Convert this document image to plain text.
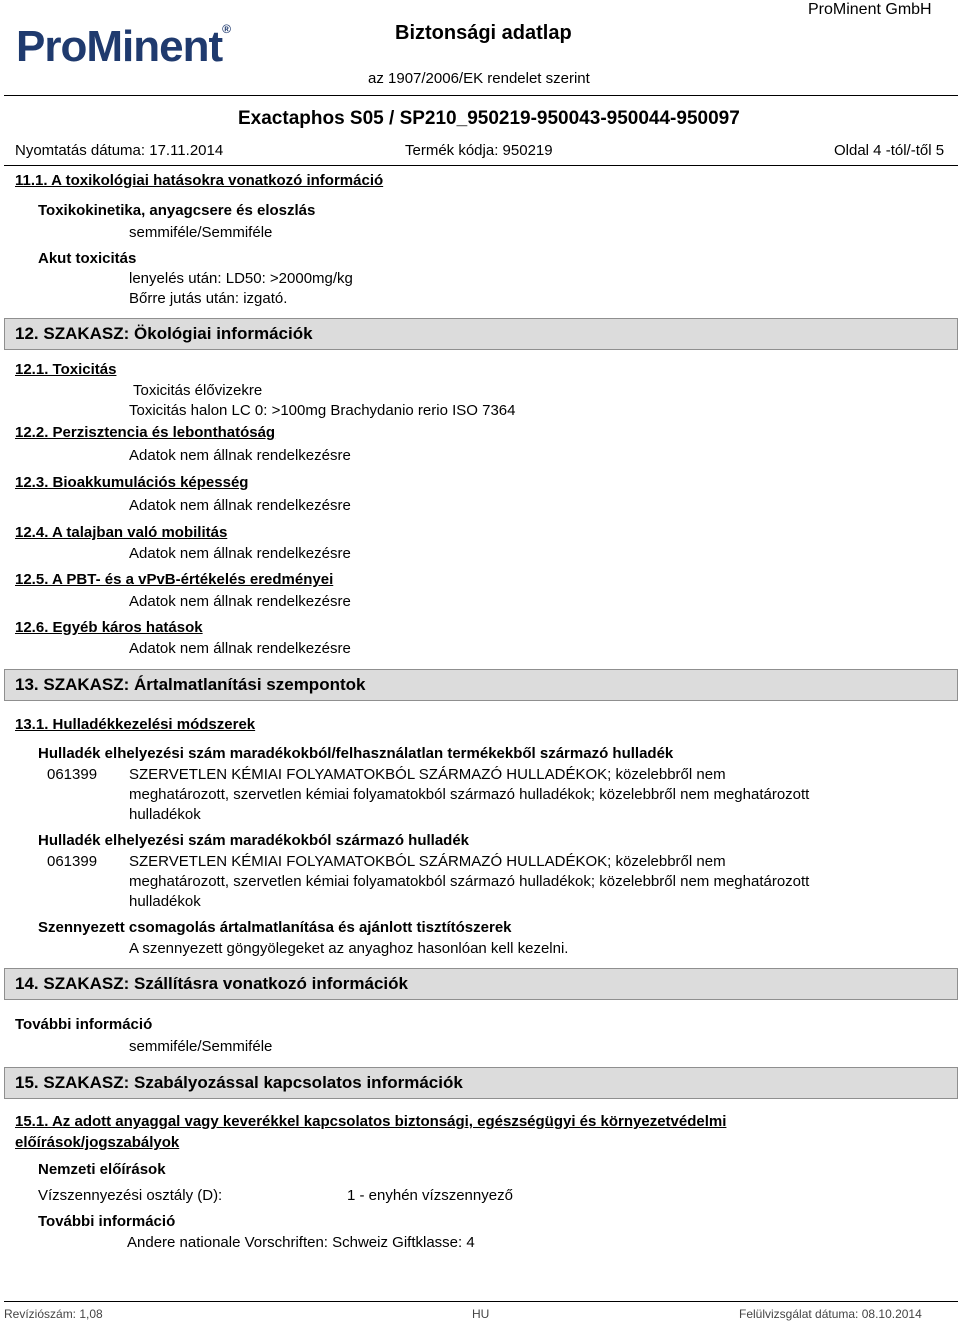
ProMinent®	Biztonsági adatlap
az 1907/2006/EK rendelet szerint
ProMinent GmbH
Exactaphos S05 / SP210_950219-950043-950044-950097
Nyomtatás dátuma: 17.11.2014	Termék kódja: 950219	Oldal 4 -tól/-től 5
11.1. A toxikológiai hatásokra vonatkozó információ
Toxikokinetika, anyagcsere és eloszlás
semmiféle/Semmiféle
Akut toxicitás
lenyelés után: LD50: >2000mg/kg
Bőrre jutás után: izgató.
12. SZAKASZ: Ökológiai információk
12.1. Toxicitás
Toxicitás élővizekre
Toxicitás halon LC 0: >100mg Brachydanio rerio ISO 7364
12.2. Perzisztencia és lebonthatóság
Adatok nem állnak rendelkezésre
12.3. Bioakkumulációs képesség
Adatok nem állnak rendelkezésre
12.4. A talajban való mobilitás
Adatok nem állnak rendelkezésre
12.5. A PBT- és a vPvB-értékelés eredményei
Adatok nem állnak rendelkezésre
12.6. Egyéb káros hatások
Adatok nem állnak rendelkezésre
13. SZAKASZ: Ártalmatlanítási szempontok
13.1. Hulladékkezelési módszerek
Hulladék elhelyezési szám maradékokból/felhasználatlan termékekből származó hulladék
061399 SZERVETLEN KÉMIAI FOLYAMATOKBÓL SZÁRMAZÓ HULLADÉKOK; közelebbről nem
meghatározott, szervetlen kémiai folyamatokból származó hulladékok; közelebbről nem meghatározott
hulladékok
Hulladék elhelyezési szám maradékokból származó hulladék
061399 SZERVETLEN KÉMIAI FOLYAMATOKBÓL SZÁRMAZÓ HULLADÉKOK; közelebbről nem
meghatározott, szervetlen kémiai folyamatokból származó hulladékok; közelebbről nem meghatározott
hulladékok
Szennyezett csomagolás ártalmatlanítása és ajánlott tisztítószerek
A szennyezett göngyölegeket az anyaghoz hasonlóan kell kezelni.
14. SZAKASZ: Szállításra vonatkozó információk
További információ
semmiféle/Semmiféle
15. SZAKASZ: Szabályozással kapcsolatos információk
15.1. Az adott anyaggal vagy keverékkel kapcsolatos biztonsági, egészségügyi és környezetvédelmi
előírások/jogszabályok
Nemzeti előírások
Vízszennyezési osztály (D):	1 - enyhén vízszennyező
További információ
Andere nationale Vorschriften: Schweiz Giftklasse: 4
Revíziószám: 1,08	HU	Felülvizsgálat dátuma: 08.10.2014
